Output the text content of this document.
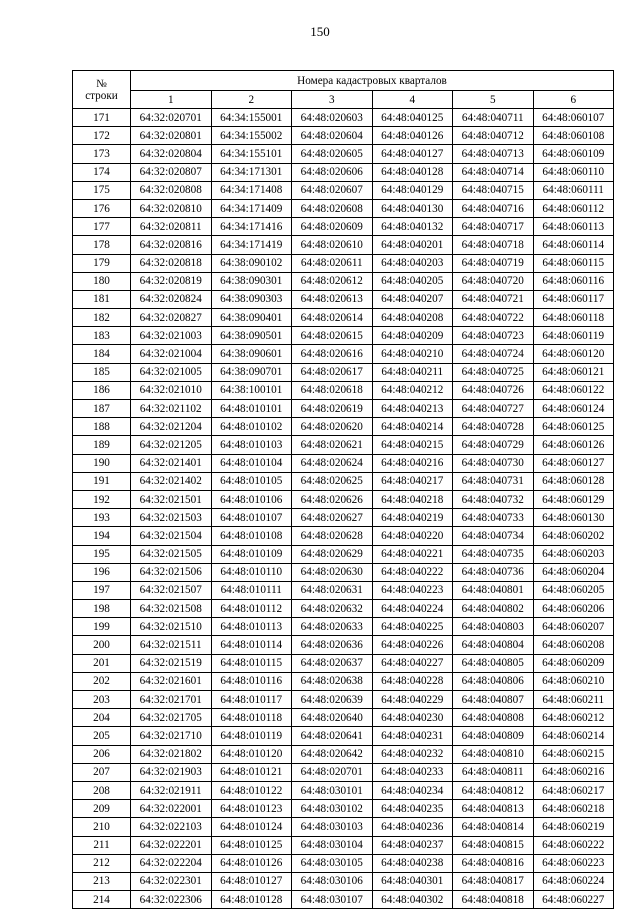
150
№
строки	Номера кадастровых кварталов					
	1	2	3	4	5	6
171	64:32:020701	64:34:155001	64:48:020603	64:48:040125	64:48:040711	64:48:060107
172	64:32:020801	64:34:155002	64:48:020604	64:48:040126	64:48:040712	64:48:060108
173	64:32:020804	64:34:155101	64:48:020605	64:48:040127	64:48:040713	64:48:060109
174	64:32:020807	64:34:171301	64:48:020606	64:48:040128	64:48:040714	64:48:060110
175	64:32:020808	64:34:171408	64:48:020607	64:48:040129	64:48:040715	64:48:060111
176	64:32:020810	64:34:171409	64:48:020608	64:48:040130	64:48:040716	64:48:060112
177	64:32:020811	64:34:171416	64:48:020609	64:48:040132	64:48:040717	64:48:060113
178	64:32:020816	64:34:171419	64:48:020610	64:48:040201	64:48:040718	64:48:060114
179	64:32:020818	64:38:090102	64:48:020611	64:48:040203	64:48:040719	64:48:060115
180	64:32:020819	64:38:090301	64:48:020612	64:48:040205	64:48:040720	64:48:060116
181	64:32:020824	64:38:090303	64:48:020613	64:48:040207	64:48:040721	64:48:060117
182	64:32:020827	64:38:090401	64:48:020614	64:48:040208	64:48:040722	64:48:060118
183	64:32:021003	64:38:090501	64:48:020615	64:48:040209	64:48:040723	64:48:060119
184	64:32:021004	64:38:090601	64:48:020616	64:48:040210	64:48:040724	64:48:060120
185	64:32:021005	64:38:090701	64:48:020617	64:48:040211	64:48:040725	64:48:060121
186	64:32:021010	64:38:100101	64:48:020618	64:48:040212	64:48:040726	64:48:060122
187	64:32:021102	64:48:010101	64:48:020619	64:48:040213	64:48:040727	64:48:060124
188	64:32:021204	64:48:010102	64:48:020620	64:48:040214	64:48:040728	64:48:060125
189	64:32:021205	64:48:010103	64:48:020621	64:48:040215	64:48:040729	64:48:060126
190	64:32:021401	64:48:010104	64:48:020624	64:48:040216	64:48:040730	64:48:060127
191	64:32:021402	64:48:010105	64:48:020625	64:48:040217	64:48:040731	64:48:060128
192	64:32:021501	64:48:010106	64:48:020626	64:48:040218	64:48:040732	64:48:060129
193	64:32:021503	64:48:010107	64:48:020627	64:48:040219	64:48:040733	64:48:060130
194	64:32:021504	64:48:010108	64:48:020628	64:48:040220	64:48:040734	64:48:060202
195	64:32:021505	64:48:010109	64:48:020629	64:48:040221	64:48:040735	64:48:060203
196	64:32:021506	64:48:010110	64:48:020630	64:48:040222	64:48:040736	64:48:060204
197	64:32:021507	64:48:010111	64:48:020631	64:48:040223	64:48:040801	64:48:060205
198	64:32:021508	64:48:010112	64:48:020632	64:48:040224	64:48:040802	64:48:060206
199	64:32:021510	64:48:010113	64:48:020633	64:48:040225	64:48:040803	64:48:060207
200	64:32:021511	64:48:010114	64:48:020636	64:48:040226	64:48:040804	64:48:060208
201	64:32:021519	64:48:010115	64:48:020637	64:48:040227	64:48:040805	64:48:060209
202	64:32:021601	64:48:010116	64:48:020638	64:48:040228	64:48:040806	64:48:060210
203	64:32:021701	64:48:010117	64:48:020639	64:48:040229	64:48:040807	64:48:060211
204	64:32:021705	64:48:010118	64:48:020640	64:48:040230	64:48:040808	64:48:060212
205	64:32:021710	64:48:010119	64:48:020641	64:48:040231	64:48:040809	64:48:060214
206	64:32:021802	64:48:010120	64:48:020642	64:48:040232	64:48:040810	64:48:060215
207	64:32:021903	64:48:010121	64:48:020701	64:48:040233	64:48:040811	64:48:060216
208	64:32:021911	64:48:010122	64:48:030101	64:48:040234	64:48:040812	64:48:060217
209	64:32:022001	64:48:010123	64:48:030102	64:48:040235	64:48:040813	64:48:060218
210	64:32:022103	64:48:010124	64:48:030103	64:48:040236	64:48:040814	64:48:060219
211	64:32:022201	64:48:010125	64:48:030104	64:48:040237	64:48:040815	64:48:060222
212	64:32:022204	64:48:010126	64:48:030105	64:48:040238	64:48:040816	64:48:060223
213	64:32:022301	64:48:010127	64:48:030106	64:48:040301	64:48:040817	64:48:060224
214	64:32:022306	64:48:010128	64:48:030107	64:48:040302	64:48:040818	64:48:060227
